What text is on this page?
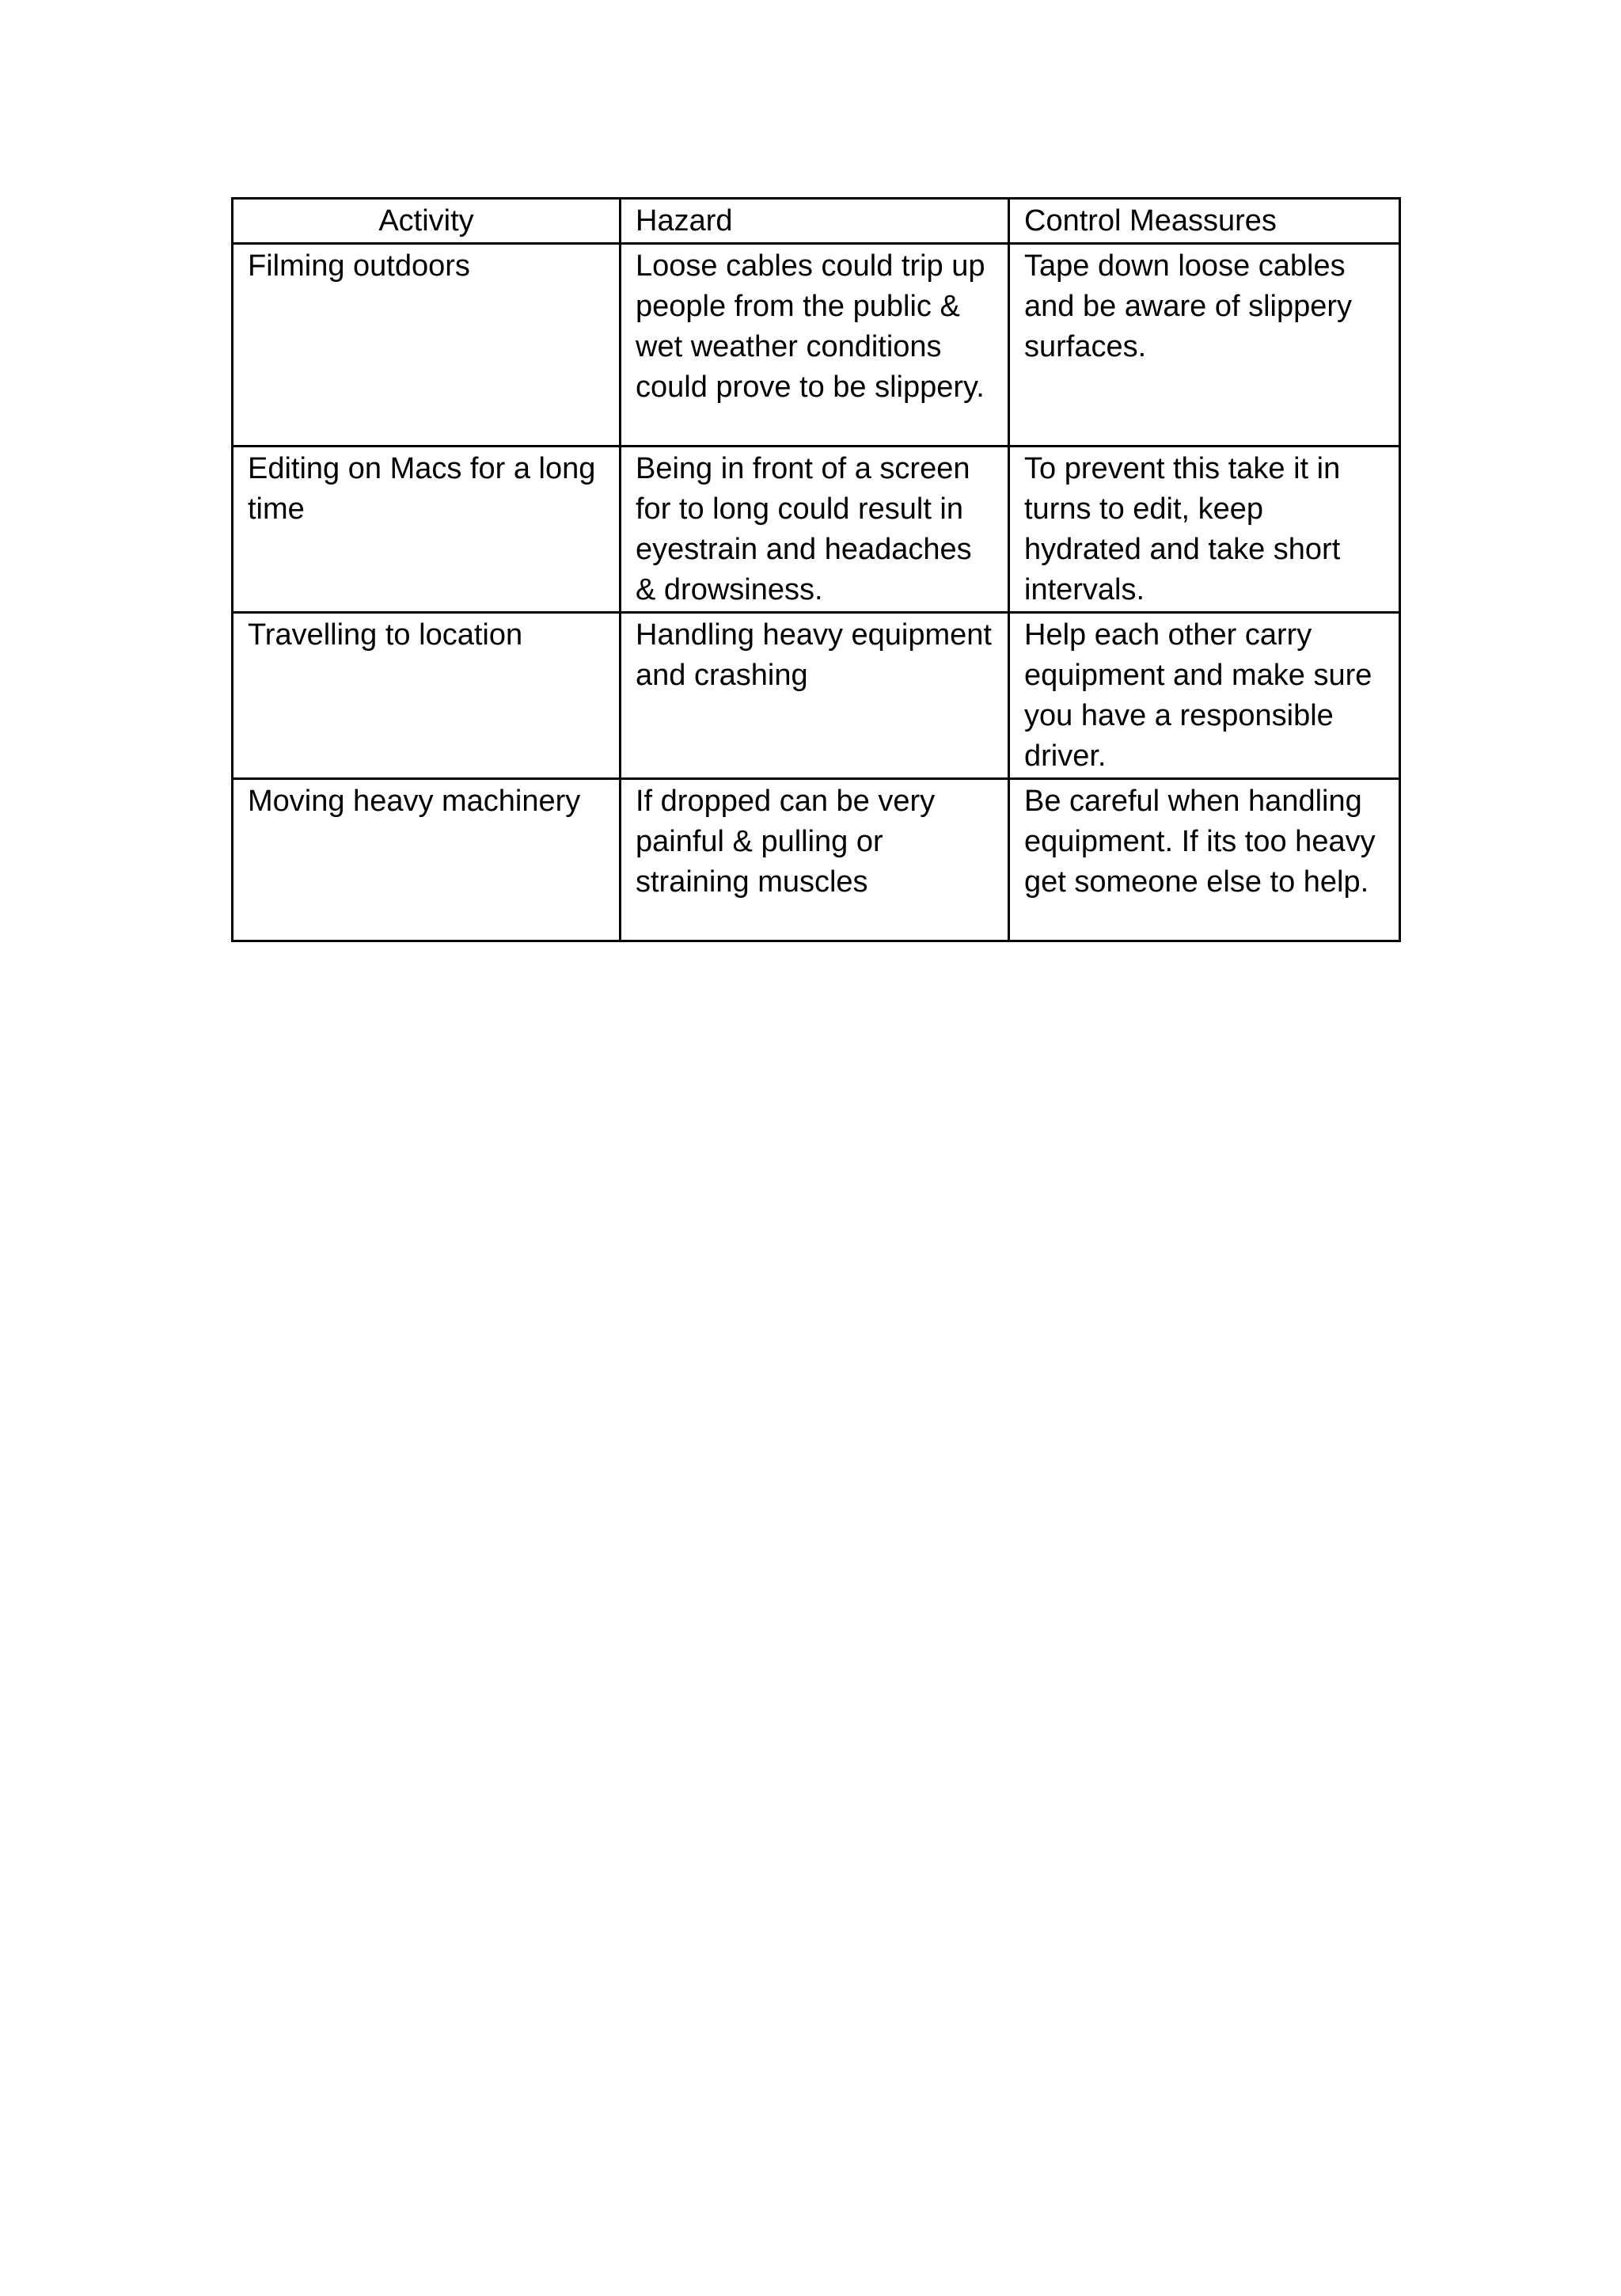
Activity	Hazard	Control Meassures
Filming outdoors	Loose cables could trip up people from the public & wet weather conditions could prove to be slippery.	Tape down loose cables and be aware of slippery surfaces.
Editing on Macs for a long time	Being in front of a screen for to long could result in eyestrain and headaches & drowsiness.	To prevent this take it in turns to edit, keep hydrated and take short intervals.
Travelling to location	Handling heavy equipment and crashing	Help each other carry equipment and make sure you have a responsible driver.
Moving heavy machinery	If dropped can be very painful & pulling or straining muscles	Be careful when handling equipment. If its too heavy get someone else to help.
